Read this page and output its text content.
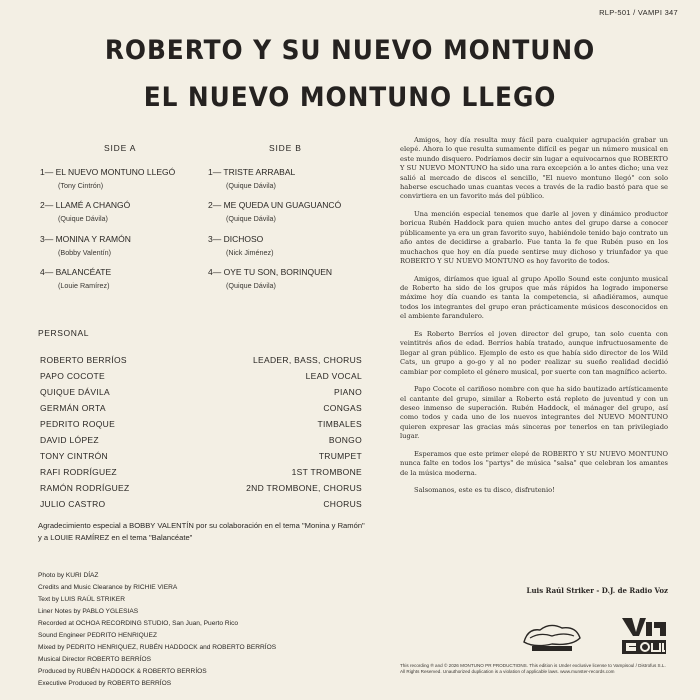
RLP-501 / VAMPI 347
ROBERTO Y SU NUEVO MONTUNO
EL NUEVO MONTUNO LLEGO
SIDE A
1— EL NUEVO MONTUNO LLEGÓ
(Tony Cintrón)
2— LLAMÉ A CHANGÓ
(Quique Dávila)
3— MONINA Y RAMÓN
(Bobby Valentín)
4— BALANCÉATE
(Louie Ramírez)
SIDE B
1— TRISTE ARRABAL
(Quique Dávila)
2— ME QUEDA UN GUAGUANCÓ
(Quique Dávila)
3— DICHOSO
(Nick Jiménez)
4— OYE TU SON, BORINQUEN
(Quique Dávila)
PERSONAL
ROBERTO BERRÍOS	LEADER, BASS, CHORUS
PAPO COCOTE	LEAD VOCAL
QUIQUE DÁVILA	PIANO
GERMÁN ORTA	CONGAS
PEDRITO ROQUE	TIMBALES
DAVID LÓPEZ	BONGO
TONY CINTRÓN	TRUMPET
RAFI RODRÍGUEZ	1ST TROMBONE
RAMÓN RODRÍGUEZ	2ND TROMBONE, CHORUS
JULIO CASTRO	CHORUS
Agradecimiento especial a BOBBY VALENTÍN por su colaboración en el tema "Monina y Ramón" y a LOUIE RAMÍREZ en el tema "Balancéate"
Photo by KURI DÍAZ
Credits and Music Clearance by RICHIE VIERA
Text by LUIS RAÚL STRIKER
Liner Notes by PABLO YGLESIAS
Recorded at OCHOA RECORDING STUDIO, San Juan, Puerto Rico
Sound Engineer PEDRITO HENRIQUEZ
Mixed by PEDRITO HENRIQUEZ, RUBÉN HADDOCK and ROBERTO BERRÍOS
Musical Director ROBERTO BERRÍOS
Produced by RUBÉN HADDOCK & ROBERTO BERRÍOS
Executive Produced by ROBERTO BERRÍOS

Amigos, hoy día resulta muy fácil para cualquier agrupación grabar un elepé. Ahora lo que resulta sumamente difícil es pegar un número musical en este mundo disquero. Podríamos decir sin lugar a equivocarnos que ROBERTO Y SU NUEVO MONTUNO ha sido una rara excepción a lo antes dicho; una vez salió al mercado de discos el sencillo, "El nuevo montuno llegó" con solo haberse escuchado unas cuantas veces a través de la radio bastó para que se convirtiera en un favorito más del público.

Una mención especial tenemos que darle al joven y dinámico productor boricua Rubén Haddock para quien mucho antes del grupo darse a conocer públicamente ya era un gran favorito suyo, habiéndole tenido bajo contrato un año antes de decidirse a grabarlo. Fue tanta la fe que Rubén puso en los muchachos que hoy en día puede sentirse muy dichoso y triunfador ya que ROBERTO Y SU NUEVO MONTUNO es hoy favorito de todos.

Amigos, diríamos que igual al grupo Apollo Sound este conjunto musical de Roberto ha sido de los grupos que más rápidos ha logrado imponerse máxime hoy día cuando es tanta la competencia, si añadiéramos, aunque todos los integrantes del grupo eran prácticamente músicos desconocidos en el ambiente farandulero.

Es Roberto Berríos el joven director del grupo, tan solo cuenta con veintitrés años de edad. Berríos había tratado, aunque infructuosamente de llegar al gran público. Ejemplo de esto es que había sido director de los Wild Cats, un grupo a go-go y al no poder realizar su sueño realidad decidió cambiar por completo el género musical, por suerte con tan magnífico acierto.

Papo Cocote el cariñoso nombre con que ha sido bautizado artísticamente el cantante del grupo, similar a Roberto está repleto de juventud y con un deseo inmenso de superación. Rubén Haddock, el mánager del grupo, así como todos y cada uno de los nuevos integrantes del NUEVO MONTUNO quieren expresar las gracias más sinceras por tenerlos en tan privilegiado lugar.

Esperamos que este primer elepé de ROBERTO Y SU NUEVO MONTUNO nunca falte en todos los "partys" de música "salsa" que celebran los amantes de la música moderna.

Salsomanos, este es tu disco, disfrutenio!

Luis Raúl Striker - D.J. de Radio Voz
This recording ℗ and © 2026 MONTUNO PR PRODUCTIONS. This edition is Under exclusive license to Vampisoul / Distrofus S.L. All Rights Reserved. Unauthorized duplication is a violation of applicable laws. www.munster-records.com
